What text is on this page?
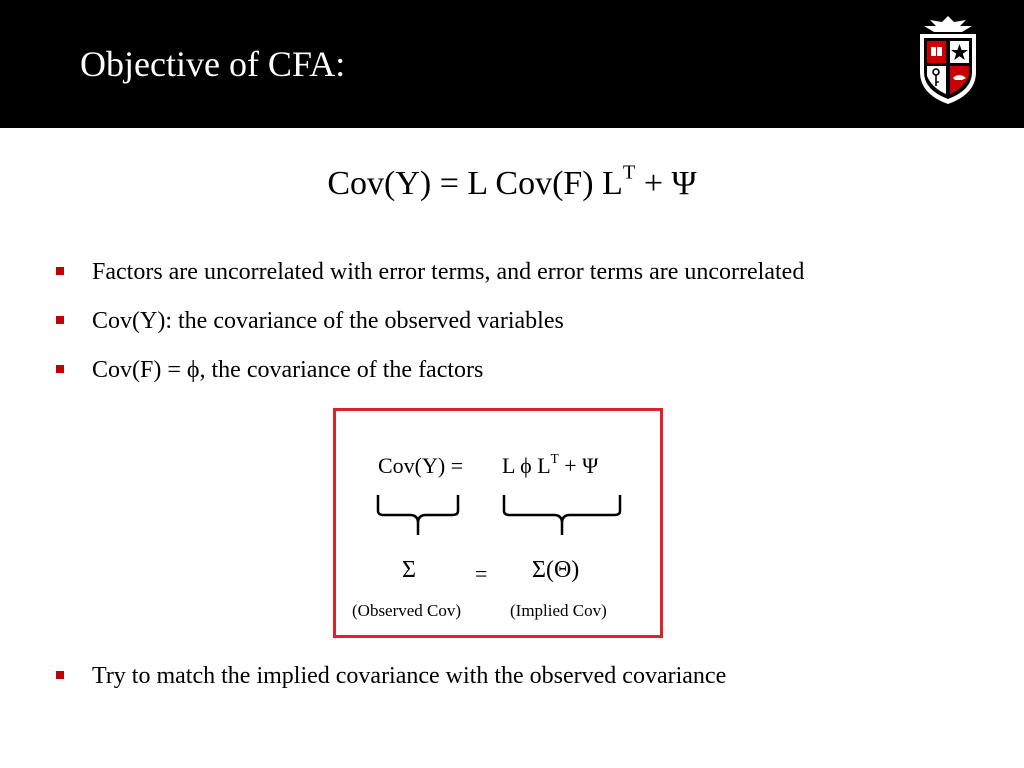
Objective of CFA:
Cov(Y) = L Cov(F) $L^T + \Psi$
Factors are uncorrelated with error terms, and error terms are uncorrelated
Cov(Y): the covariance of the observed variables
Cov(F) = ϕ, the covariance of the factors
Cov(Y) = L ϕ $L^T + \Psi$
Σ	= Σ(Θ)
(Observed Cov)	(Implied Cov)
Try to match the implied covariance with the observed covariance
